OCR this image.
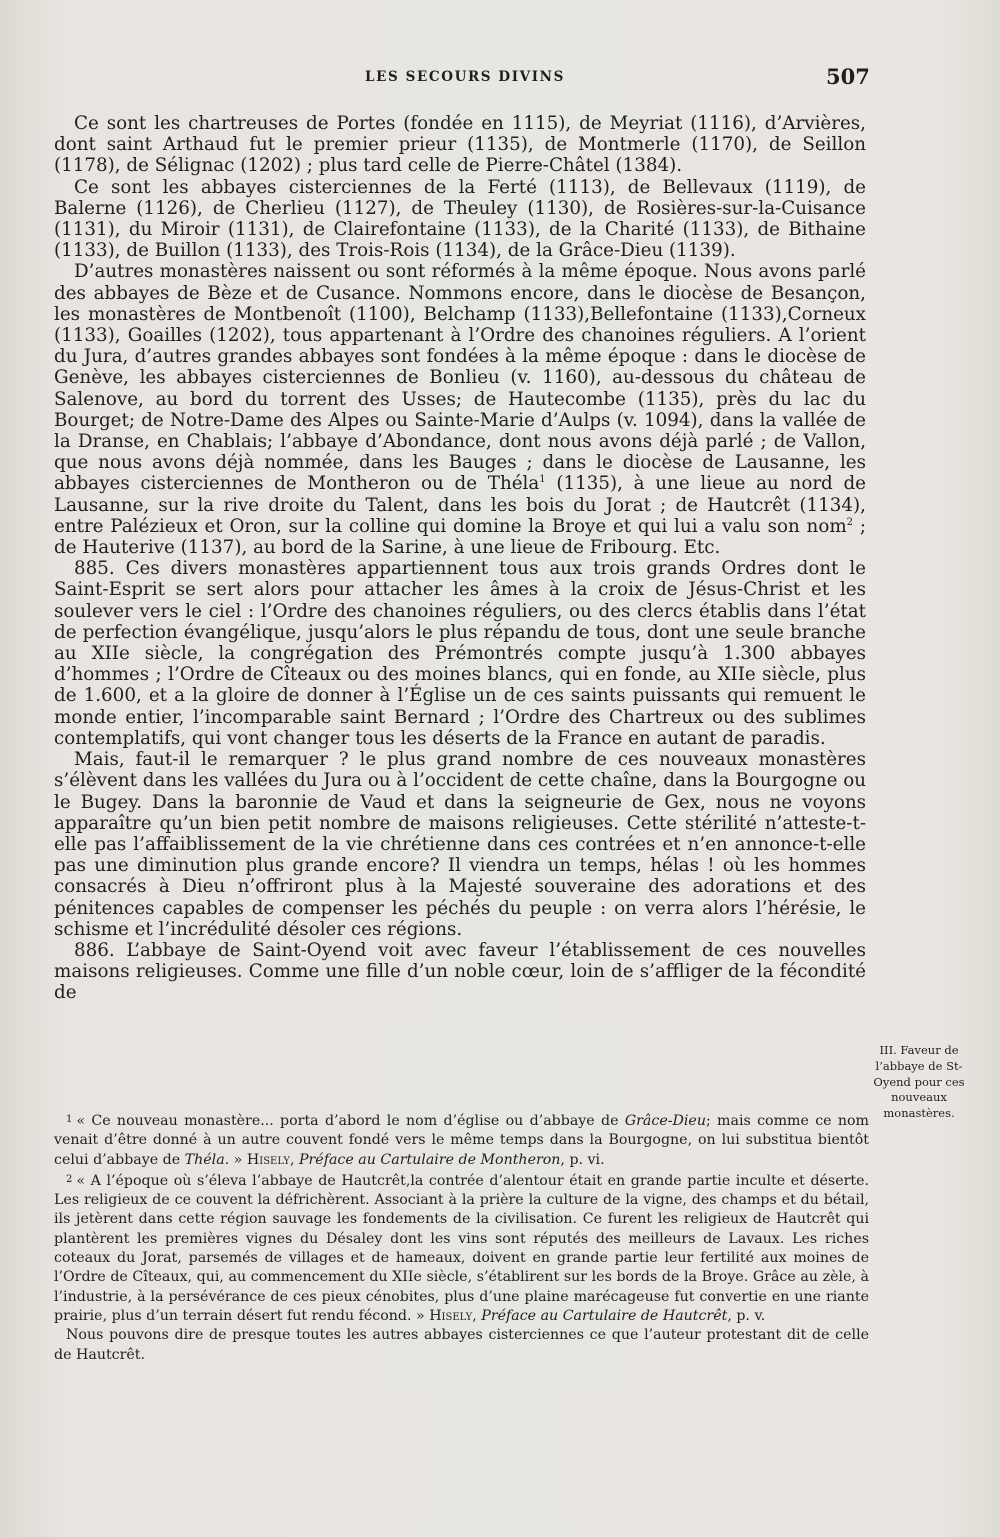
LES SECOURS DIVINS	507

Ce sont les chartreuses de Portes (fondée en 1115), de Meyriat (1116), d’Arvières, dont saint Arthaud fut le premier prieur (1135), de Montmerle (1170), de Seillon (1178), de Sélignac (1202) ; plus tard celle de Pierre-Châtel (1384).

Ce sont les abbayes cisterciennes de la Ferté (1113), de Bellevaux (1119), de Balerne (1126), de Cherlieu (1127), de Theuley (1130), de Rosières-sur-la-Cuisance (1131), du Miroir (1131), de Clairefontaine (1133), de la Charité (1133), de Bithaine (1133), de Buillon (1133), des Trois-Rois (1134), de la Grâce-Dieu (1139).

D’autres monastères naissent ou sont réformés à la même époque. Nous avons parlé des abbayes de Bèze et de Cusance. Nommons encore, dans le diocèse de Besançon, les monastères de Montbenoît (1100), Belchamp (1133),Bellefontaine (1133),Corneux (1133), Goailles (1202), tous appartenant à l’Ordre des chanoines réguliers. A l’orient du Jura, d’autres grandes abbayes sont fondées à la même époque : dans le diocèse de Genève, les abbayes cisterciennes de Bonlieu (v. 1160), au-dessous du château de Salenove, au bord du torrent des Usses; de Hautecombe (1135), près du lac du Bourget; de Notre-Dame des Alpes ou Sainte-Marie d’Aulps (v. 1094), dans la vallée de la Dranse, en Chablais; l’abbaye d’Abondance, dont nous avons déjà parlé ; de Vallon, que nous avons déjà nommée, dans les Bauges ; dans le diocèse de Lausanne, les abbayes cisterciennes de Montheron ou de Théla$^1$ (1135), à une lieue au nord de Lausanne, sur la rive droite du Talent, dans les bois du Jorat ; de Hautcrêt (1134), entre Palézieux et Oron, sur la colline qui domine la Broye et qui lui a valu son nom$^2$ ; de Hauterive (1137), au bord de la Sarine, à une lieue de Fribourg. Etc.

885. Ces divers monastères appartiennent tous aux trois grands Ordres dont le Saint-Esprit se sert alors pour attacher les âmes à la croix de Jésus-Christ et les soulever vers le ciel : l’Ordre des chanoines réguliers, ou des clercs établis dans l’état de perfection évangélique, jusqu’alors le plus répandu de tous, dont une seule branche au XIIe siècle, la congrégation des Prémontrés compte jusqu’à 1.300 abbayes d’hommes ; l’Ordre de Cîteaux ou des moines blancs, qui en fonde, au XIIe siècle, plus de 1.600, et a la gloire de donner à l’Église un de ces saints puissants qui remuent le monde entier, l’incomparable saint Bernard ; l’Ordre des Chartreux ou des sublimes contemplatifs, qui vont changer tous les déserts de la France en autant de paradis.

Mais, faut-il le remarquer ? le plus grand nombre de ces nouveaux monastères s’élèvent dans les vallées du Jura ou à l’occident de cette chaîne, dans la Bourgogne ou le Bugey. Dans la baronnie de Vaud et dans la seigneurie de Gex, nous ne voyons apparaître qu’un bien petit nombre de maisons religieuses. Cette stérilité n’atteste-t-elle pas l’affaiblissement de la vie chrétienne dans ces contrées et n’en annonce-t-elle pas une diminution plus grande encore? Il viendra un temps, hélas ! où les hommes consacrés à Dieu n’offriront plus à la Majesté souveraine des adorations et des pénitences capables de compenser les péchés du peuple : on verra alors l’hérésie, le schisme et l’incrédulité désoler ces régions.

886. L’abbaye de Saint-Oyend voit avec faveur l’établissement de ces nouvelles maisons religieuses. Comme une fille d’un noble cœur, loin de s’affliger de la fécondité de

III. Faveur de l’abbaye de St-Oyend pour ces nouveaux monastères.

$^1$ « Ce nouveau monastère... porta d’abord le nom d’église ou d’abbaye de Grâce-Dieu; mais comme ce nom venait d’être donné à un autre couvent fondé vers le même temps dans la Bourgogne, on lui substitua bientôt celui d’abbaye de Théla. » Hisely, Préface au Cartulaire de Montheron, p. vi.

$^2$ « A l’époque où s’éleva l’abbaye de Hautcrêt,la contrée d’alentour était en grande partie inculte et déserte. Les religieux de ce couvent la défrichèrent. Associant à la prière la culture de la vigne, des champs et du bétail, ils jetèrent dans cette région sauvage les fondements de la civilisation. Ce furent les religieux de Hautcrêt qui plantèrent les premières vignes du Désaley dont les vins sont réputés des meilleurs de Lavaux. Les riches coteaux du Jorat, parsemés de villages et de hameaux, doivent en grande partie leur fertilité aux moines de l’Ordre de Cîteaux, qui, au commencement du XIIe siècle, s’établirent sur les bords de la Broye. Grâce au zèle, à l’industrie, à la persévérance de ces pieux cénobites, plus d’une plaine marécageuse fut convertie en une riante prairie, plus d’un terrain désert fut rendu fécond. » Hisely, Préface au Cartulaire de Hautcrêt, p. v.

Nous pouvons dire de presque toutes les autres abbayes cisterciennes ce que l’auteur protestant dit de celle de Hautcrêt.
